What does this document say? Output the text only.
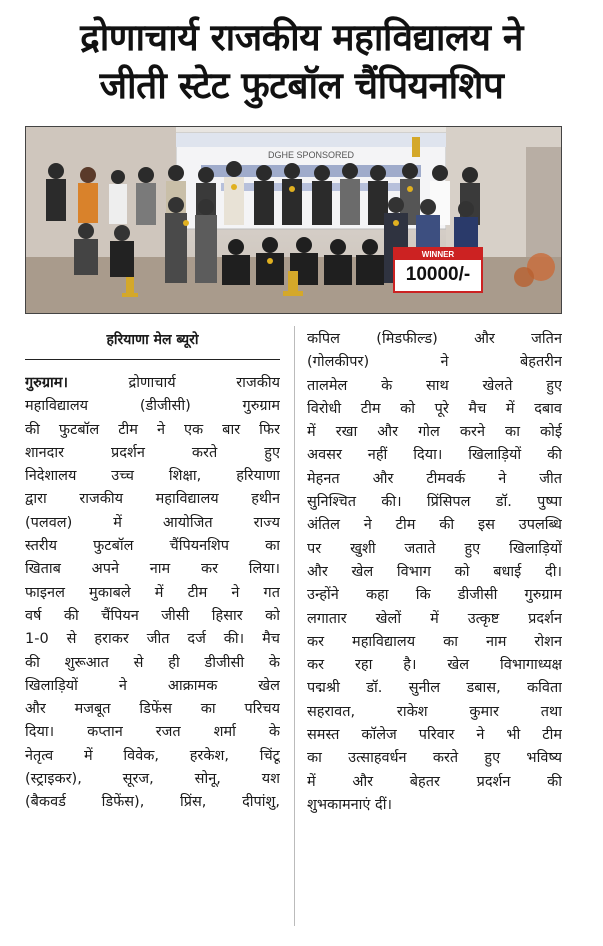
द्रोणाचार्य राजकीय महाविद्यालय ने
जीती स्टेट फुटबॉल चैंपियनशिप
DGHE SPONSORED
WINNER
10000/-
हरियाणा मेल ब्यूरो
गुरुग्राम। द्रोणाचार्य राजकीय
महाविद्यालय (डीजीसी) गुरुग्राम
की फुटबॉल टीम ने एक बार फिर
शानदार प्रदर्शन करते हुए
निदेशालय उच्च शिक्षा, हरियाणा
द्वारा राजकीय महाविद्यालय हथीन
(पलवल) में आयोजित राज्य
स्तरीय फुटबॉल चैंपियनशिप का
खिताब अपने नाम कर लिया।
फाइनल मुकाबले में टीम ने गत
वर्ष की चैंपियन जीसी हिसार को
1-0 से हराकर जीत दर्ज की। मैच
की शुरूआत से ही डीजीसी के
खिलाड़ियों ने आक्रामक खेल
और मजबूत डिफेंस का परिचय
दिया। कप्तान रजत शर्मा के
नेतृत्व में विवेक, हरकेश, चिंटू
(स्ट्राइकर), सूरज, सोनू, यश
(बैकवर्ड डिफेंस), प्रिंस, दीपांशु,
कपिल (मिडफील्ड) और जतिन
(गोलकीपर) ने बेहतरीन
तालमेल के साथ खेलते हुए
विरोधी टीम को पूरे मैच में दबाव
में रखा और गोल करने का कोई
अवसर नहीं दिया। खिलाड़ियों की
मेहनत और टीमवर्क ने जीत
सुनिश्चित की। प्रिंसिपल डॉ. पुष्पा
अंतिल ने टीम की इस उपलब्धि
पर खुशी जताते हुए खिलाड़ियों
और खेल विभाग को बधाई दी।
उन्होंने कहा कि डीजीसी गुरुग्राम
लगातार खेलों में उत्कृष्ट प्रदर्शन
कर महाविद्यालय का नाम रोशन
कर रहा है। खेल विभागाध्यक्ष
पद्मश्री डॉ. सुनील डबास, कविता
सहरावत, राकेश कुमार तथा
समस्त कॉलेज परिवार ने भी टीम
का उत्साहवर्धन करते हुए भविष्य
में और बेहतर प्रदर्शन की
शुभकामनाएं दीं।
